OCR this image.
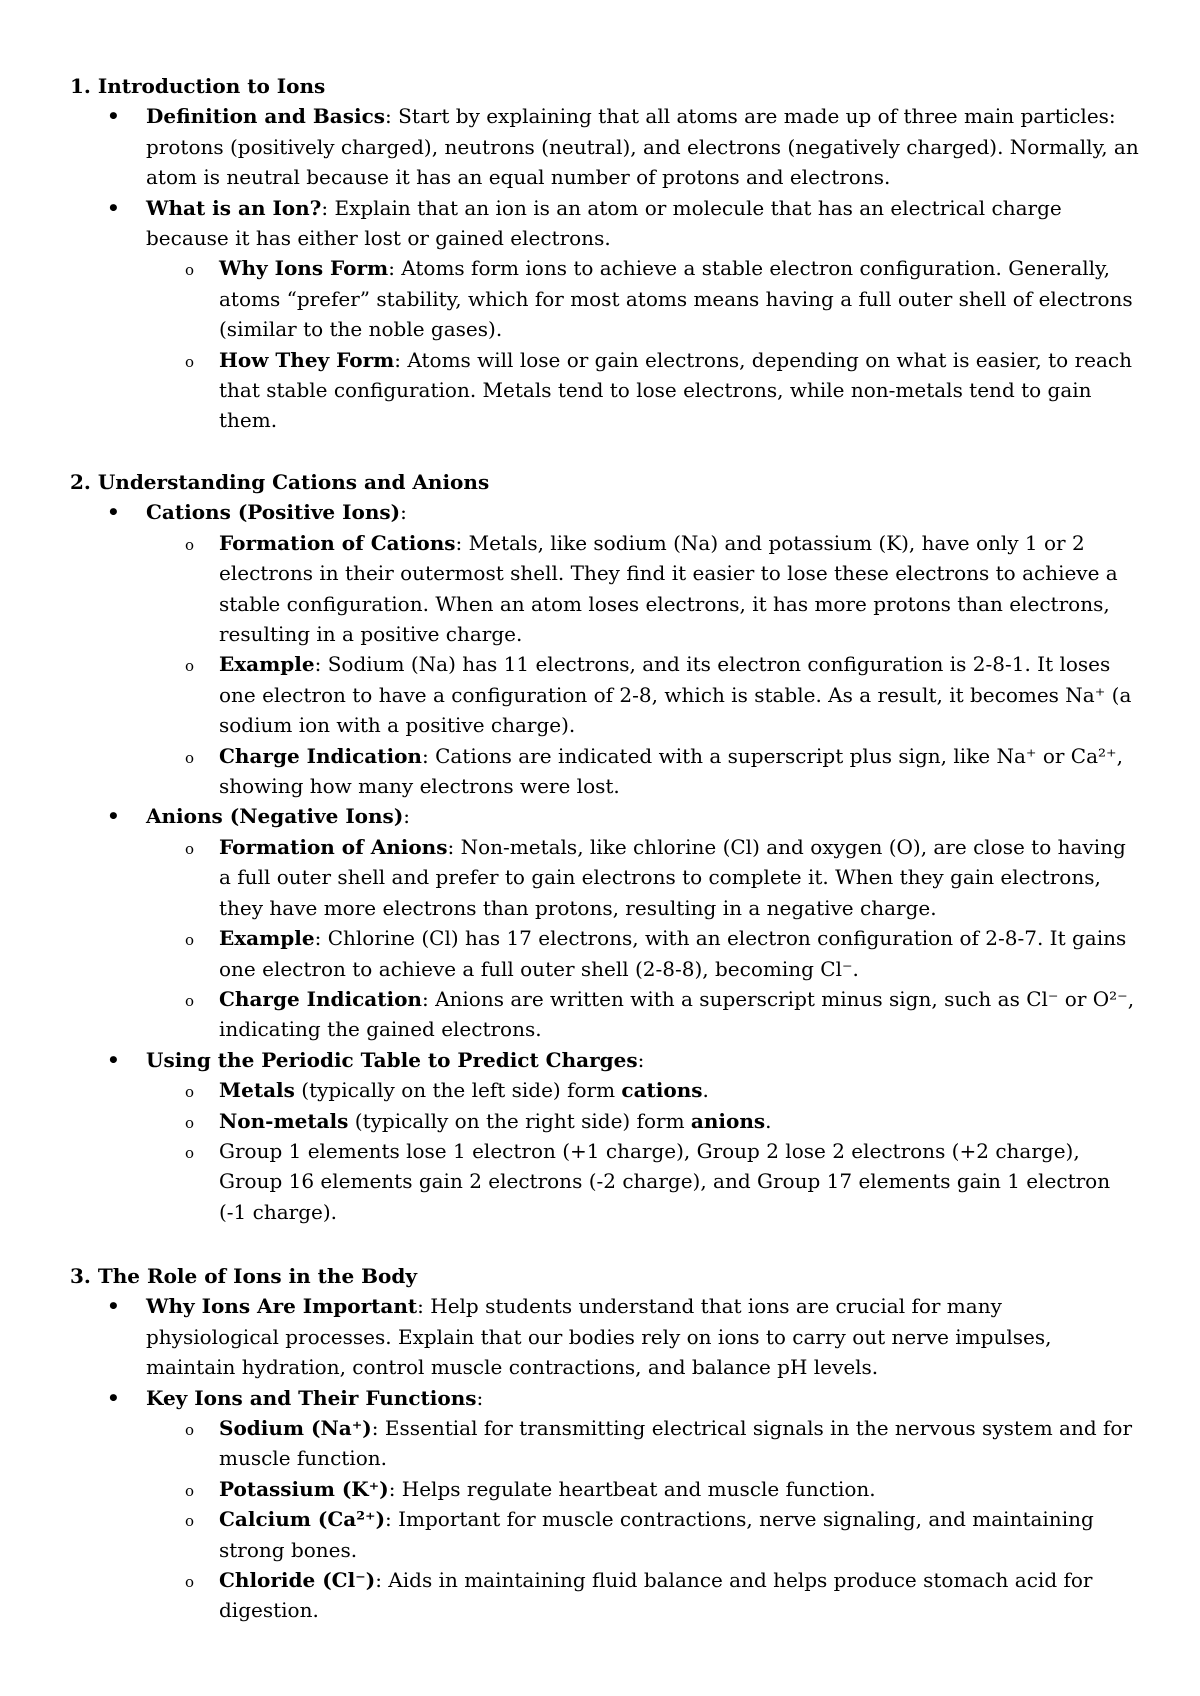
1. Introduction to Ions
• Definition and Basics: Start by explaining that all atoms are made up of three main particles: protons (positively charged), neutrons (neutral), and electrons (negatively charged). Normally, an atom is neutral because it has an equal number of protons and electrons.
• What is an Ion?: Explain that an ion is an atom or molecule that has an electrical charge because it has either lost or gained electrons.
o Why Ions Form: Atoms form ions to achieve a stable electron configuration. Generally, atoms “prefer” stability, which for most atoms means having a full outer shell of electrons (similar to the noble gases).
o How They Form: Atoms will lose or gain electrons, depending on what is easier, to reach that stable configuration. Metals tend to lose electrons, while non-metals tend to gain them.
2. Understanding Cations and Anions
• Cations (Positive Ions):
o Formation of Cations: Metals, like sodium (Na) and potassium (K), have only 1 or 2 electrons in their outermost shell. They find it easier to lose these electrons to achieve a stable configuration. When an atom loses electrons, it has more protons than electrons, resulting in a positive charge.
o Example: Sodium (Na) has 11 electrons, and its electron configuration is 2-8-1. It loses one electron to have a configuration of 2-8, which is stable. As a result, it becomes Na⁺ (a sodium ion with a positive charge).
o Charge Indication: Cations are indicated with a superscript plus sign, like Na⁺ or Ca²⁺, showing how many electrons were lost.
• Anions (Negative Ions):
o Formation of Anions: Non-metals, like chlorine (Cl) and oxygen (O), are close to having a full outer shell and prefer to gain electrons to complete it. When they gain electrons, they have more electrons than protons, resulting in a negative charge.
o Example: Chlorine (Cl) has 17 electrons, with an electron configuration of 2-8-7. It gains one electron to achieve a full outer shell (2-8-8), becoming Cl⁻.
o Charge Indication: Anions are written with a superscript minus sign, such as Cl⁻ or O²⁻, indicating the gained electrons.
• Using the Periodic Table to Predict Charges:
o Metals (typically on the left side) form cations.
o Non-metals (typically on the right side) form anions.
o Group 1 elements lose 1 electron (+1 charge), Group 2 lose 2 electrons (+2 charge), Group 16 elements gain 2 electrons (-2 charge), and Group 17 elements gain 1 electron (-1 charge).
3. The Role of Ions in the Body
• Why Ions Are Important: Help students understand that ions are crucial for many physiological processes. Explain that our bodies rely on ions to carry out nerve impulses, maintain hydration, control muscle contractions, and balance pH levels.
• Key Ions and Their Functions:
o Sodium (Na⁺): Essential for transmitting electrical signals in the nervous system and for muscle function.
o Potassium (K⁺): Helps regulate heartbeat and muscle function.
o Calcium (Ca²⁺): Important for muscle contractions, nerve signaling, and maintaining strong bones.
o Chloride (Cl⁻): Aids in maintaining fluid balance and helps produce stomach acid for digestion.
